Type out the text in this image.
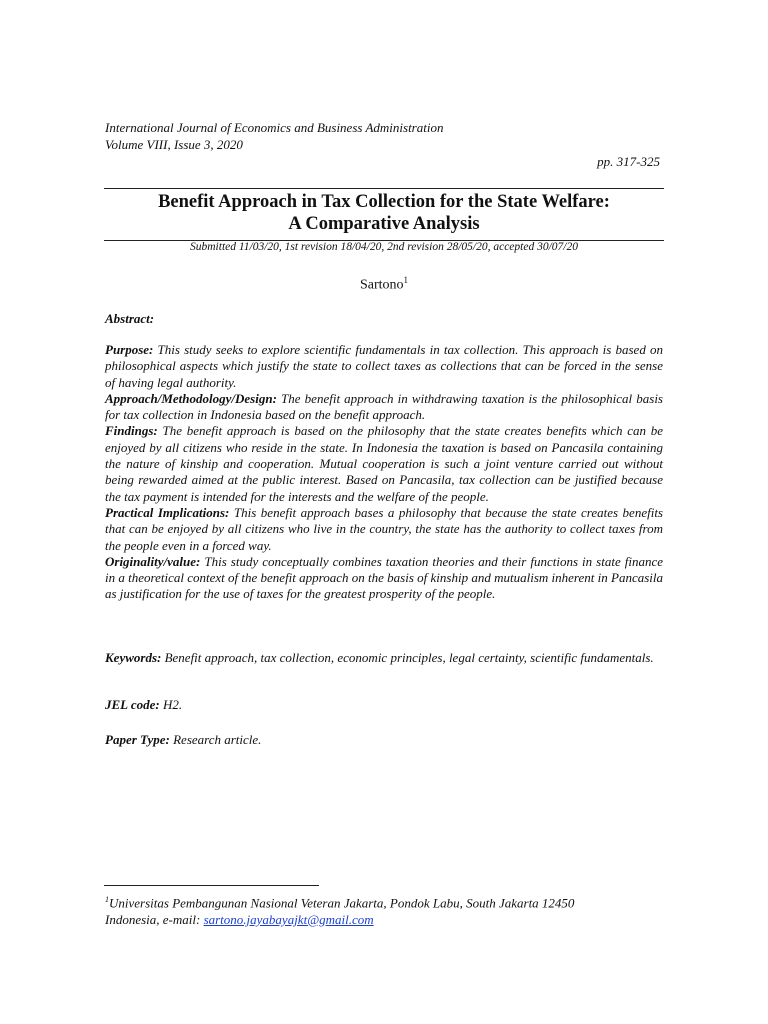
International Journal of Economics and Business Administration
Volume VIII, Issue 3, 2020
pp. 317-325
Benefit Approach in Tax Collection for the State Welfare:
A Comparative Analysis
Submitted 11/03/20, 1st revision 18/04/20, 2nd revision 28/05/20, accepted 30/07/20
Sartono$^1$
Abstract:

Purpose: This study seeks to explore scientific fundamentals in tax collection. This approach is based on philosophical aspects which justify the state to collect taxes as collections that can be forced in the sense of having legal authority.

Approach/Methodology/Design: The benefit approach in withdrawing taxation is the philosophical basis for tax collection in Indonesia based on the benefit approach.

Findings: The benefit approach is based on the philosophy that the state creates benefits which can be enjoyed by all citizens who reside in the state. In Indonesia the taxation is based on Pancasila containing the nature of kinship and cooperation. Mutual cooperation is such a joint venture carried out without being rewarded aimed at the public interest. Based on Pancasila, tax collection can be justified because the tax payment is intended for the interests and the welfare of the people.

Practical Implications: This benefit approach bases a philosophy that because the state creates benefits that can be enjoyed by all citizens who live in the country, the state has the authority to collect taxes from the people even in a forced way.

Originality/value: This study conceptually combines taxation theories and their functions in state finance in a theoretical context of the benefit approach on the basis of kinship and mutualism inherent in Pancasila as justification for the use of taxes for the greatest prosperity of the people.

Keywords: Benefit approach, tax collection, economic principles, legal certainty, scientific fundamentals.
JEL code: H2.
Paper Type: Research article.
$^1$Universitas Pembangunan Nasional Veteran Jakarta, Pondok Labu, South Jakarta 12450
Indonesia, e-mail: sartono.jayabayajkt@gmail.com
